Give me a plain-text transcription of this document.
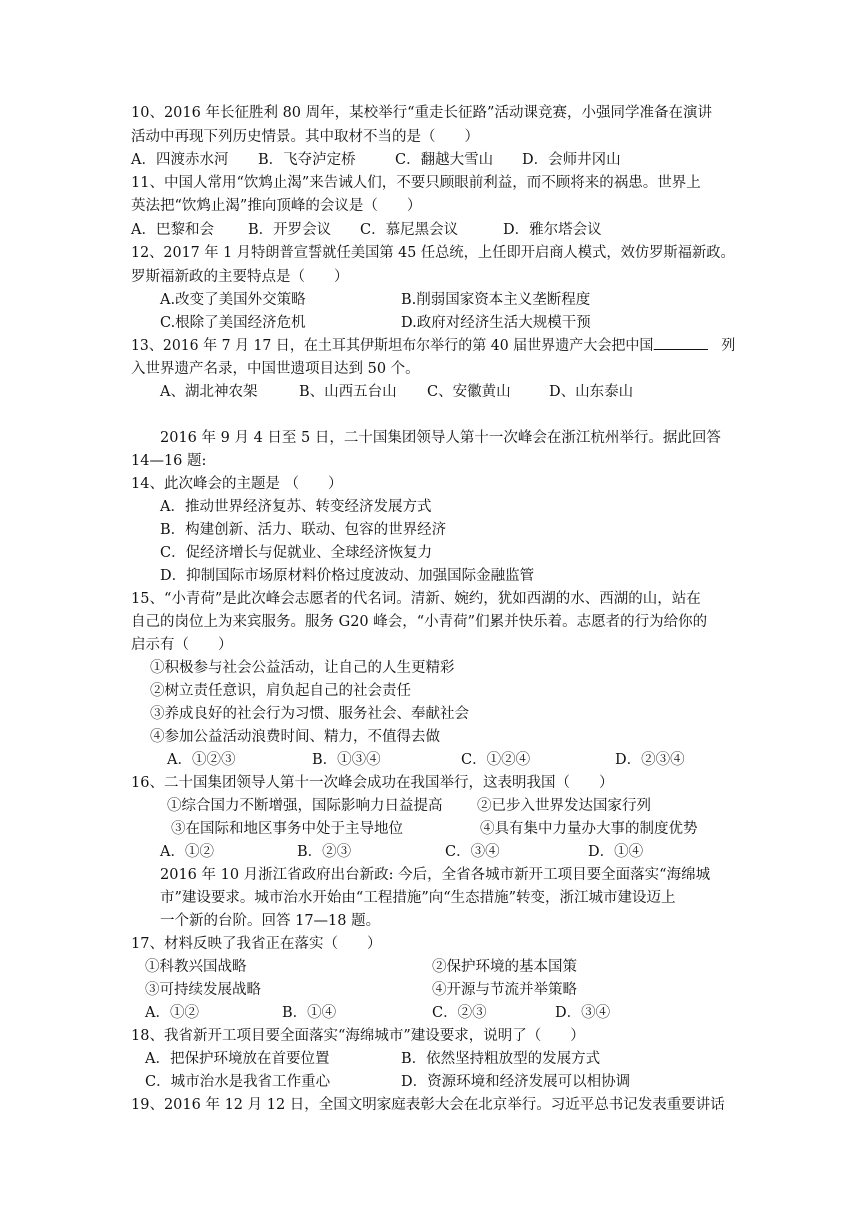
10、2016 年长征胜利 80 周年，某校举行“重走长征路”活动课竞赛，小强同学准备在演讲
活动中再现下列历史情景。其中取材不当的是（　　）
A．四渡赤水河 B．飞夺泸定桥	C．翻越大雪山 D．会师井冈山
11、中国人常用“饮鸩止渴”来告诫人们，不要只顾眼前利益，而不顾将来的祸患。世界上
英法把“饮鸩止渴”推向顶峰的会议是（　　）
A．巴黎和会 B．开罗会议 C．慕尼黑会议	D．雅尔塔会议
12、2017 年 1 月特朗普宣誓就任美国第 45 任总统，上任即开启商人模式，效仿罗斯福新政。
罗斯福新政的主要特点是（　　）
A.改变了美国外交策略	B.削弱国家资本主义垄断程度
C.根除了美国经济危机	D.政府对经济生活大规模干预
13、2016 年 7 月 17 日，在土耳其伊斯坦布尔举行的第 40 届世界遗产大会把中国	列
入世界遗产名录，中国世遗项目达到 50 个。
A、湖北神农架	B、山西五台山 C、安徽黄山	D、山东泰山
2016 年 9 月 4 日至 5 日，二十国集团领导人第十一次峰会在浙江杭州举行。据此回答
14—16 题:
14、此次峰会的主题是 （　　）
A．推动世界经济复苏、转变经济发展方式
B．构建创新、活力、联动、包容的世界经济
C．促经济增长与促就业、全球经济恢复力
D．抑制国际市场原材料价格过度波动、加强国际金融监管
15、“小青荷”是此次峰会志愿者的代名词。清新、婉约，犹如西湖的水、西湖的山，站在
自己的岗位上为来宾服务。服务 G20 峰会，“小青荷”们累并快乐着。志愿者的行为给你的
启示有（　　）
①积极参与社会公益活动，让自己的人生更精彩
②树立责任意识，肩负起自己的社会责任
③养成良好的社会行为习惯、服务社会、奉献社会
④参加公益活动浪费时间、精力，不值得去做
A．①②③	B．①③④	C．①②④	D．②③④
16、二十国集团领导人第十一次峰会成功在我国举行，这表明我国（　　）
①综合国力不断增强，国际影响力日益提高 ②已步入世界发达国家行列
③在国际和地区事务中处于主导地位	④具有集中力量办大事的制度优势
A．①②	B．②③	C．③④	D．①④
2016 年 10 月浙江省政府出台新政: 今后，全省各城市新开工项目要全面落实“海绵城
市”建设要求。城市治水开始由“工程措施”向“生态措施”转变，浙江城市建设迈上
一个新的台阶。回答 17—18 题。
17、材料反映了我省正在落实（　　）
①科教兴国战略	②保护环境的基本国策
③可持续发展战略	④开源与节流并举策略
A．①②	B．①④	C．②③	D．③④
18、我省新开工项目要全面落实“海绵城市”建设要求，说明了（　　）
A．把保护环境放在首要位置	B．依然坚持粗放型的发展方式
C．城市治水是我省工作重心	D．资源环境和经济发展可以相协调
19、2016 年 12 月 12 日，全国文明家庭表彰大会在北京举行。习近平总书记发表重要讲话
